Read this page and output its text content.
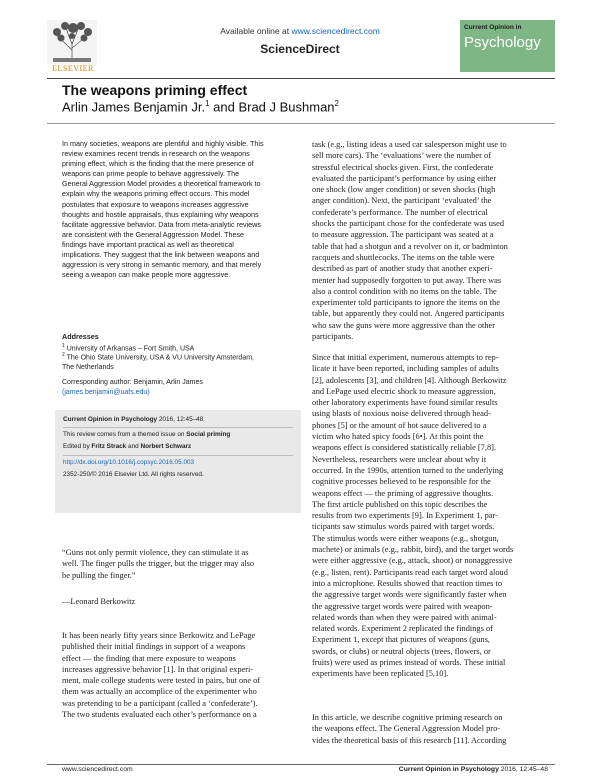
ELSEVIER
Available online at www.sciencedirect.com
ScienceDirect
Current Opinion in
Psychology
The weapons priming effect
Arlin James Benjamin Jr.$^1$ and Brad J Bushman$^2$
In many societies, weapons are plentiful and highly visible. This
review examines recent trends in research on the weapons
priming effect, which is the finding that the mere presence of
weapons can prime people to behave aggressively. The
General Aggression Model provides a theoretical framework to
explain why the weapons priming effect occurs. This model
postulates that exposure to weapons increases aggressive
thoughts and hostile appraisals, thus explaining why weapons
facilitate aggressive behavior. Data from meta-analytic reviews
are consistent with the General Aggression Model. These
findings have important practical as well as theoretical
implications. They suggest that the link between weapons and
aggression is very strong in semantic memory, and that merely
seeing a weapon can make people more aggressive.
Addresses
$^1$ University of Arkansas – Fort Smith, USA
$^2$ The Ohio State University, USA & VU University Amsterdam,
The Netherlands
Corresponding author: Benjamin, Arlin James
(james.benjamin@uafs.edu)
Current Opinion in Psychology 2016, 12:45–48
This review comes from a themed issue on Social priming
Edited by Fritz Strack and Norbert Schwarz
http://dx.doi.org/10.1016/j.copsyc.2016.05.003
2352-250/© 2016 Elsevier Ltd. All rights reserved.
“Guns not only permit violence, they can stimulate it as
well. The finger pulls the trigger, but the trigger may also
be pulling the finger.”
—Leonard Berkowitz
It has been nearly fifty years since Berkowitz and LePage
published their initial findings in support of a weapons
effect — the finding that mere exposure to weapons
increases aggressive behavior [1]. In that original experi-
ment, male college students were tested in pairs, but one of
them was actually an accomplice of the experimenter who
was pretending to be a participant (called a ‘confederate’).
The two students evaluated each other’s performance on a
task (e.g., listing ideas a used car salesperson might use to
sell more cars). The ‘evaluations’ were the number of
stressful electrical shocks given. First, the confederate
evaluated the participant’s performance by using either
one shock (low anger condition) or seven shocks (high
anger condition). Next, the participant ‘evaluated’ the
confederate’s performance. The number of electrical
shocks the participant chose for the confederate was used
to measure aggression. The participant was seated at a
table that had a shotgun and a revolver on it, or badminton
racquets and shuttlecocks. The items on the table were
described as part of another study that another experi-
menter had supposedly forgotten to put away. There was
also a control condition with no items on the table. The
experimenter told participants to ignore the items on the
table, but apparently they could not. Angered participants
who saw the guns were more aggressive than the other
participants.
Since that initial experiment, numerous attempts to rep-
licate it have been reported, including samples of adults
[2], adolescents [3], and children [4]. Although Berkowitz
and LePage used electric shock to measure aggression,
other laboratory experiments have found similar results
using blasts of noxious noise delivered through head-
phones [5] or the amount of hot sauce delivered to a
victim who hated spicy foods [6•]. At this point the
weapons effect is considered statistically reliable [7,8].
Nevertheless, researchers were unclear about why it
occurred. In the 1990s, attention turned to the underlying
cognitive processes believed to be responsible for the
weapons effect — the priming of aggressive thoughts.
The first article published on this topic describes the
results from two experiments [9]. In Experiment 1, par-
ticipants saw stimulus words paired with target words.
The stimulus words were either weapons (e.g., shotgun,
machete) or animals (e.g., rabbit, bird), and the target words
were either aggressive (e.g., attack, shoot) or nonaggressive
(e.g., listen, rent). Participants read each target word aloud
into a microphone. Results showed that reaction times to
the aggressive target words were significantly faster when
the aggressive target words were paired with weapon-
related words than when they were paired with animal-
related words. Experiment 2 replicated the findings of
Experiment 1, except that pictures of weapons (guns,
swords, or clubs) or neutral objects (trees, flowers, or
fruits) were used as primes instead of words. These initial
experiments have been replicated [5,10].
In this article, we describe cognitive priming research on
the weapons effect. The General Aggression Model pro-
vides the theoretical basis of this research [11]. According
www.sciencedirect.com	Current Opinion in Psychology 2016, 12:45–48
